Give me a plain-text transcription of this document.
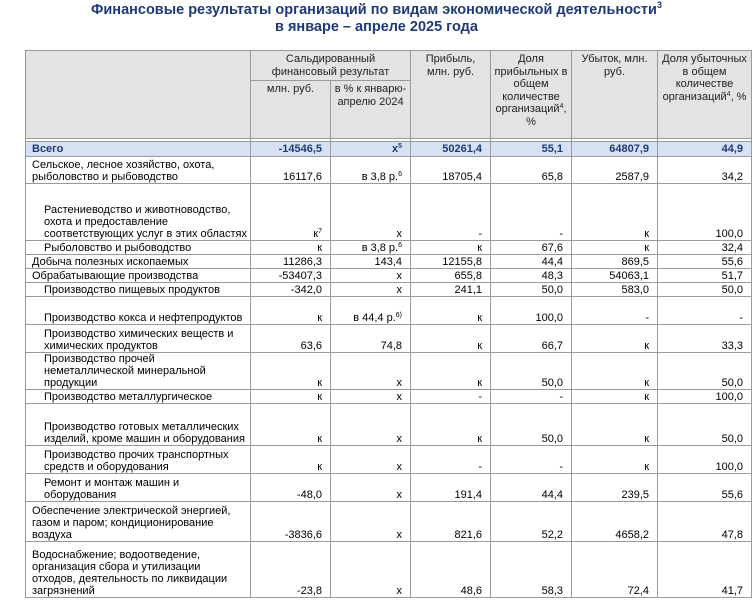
Финансовые результаты организаций по видам экономической деятельности$^3$
в январе – апреле 2025 года
	Сальдированный финансовый результат		Прибыль, млн. руб.	Доля прибыльных в общем количестве организаций$^4$, %	Убыток, млн. руб.	Доля убыточных в общем количестве организаций$^4$, %
	млн. руб.	в % к январю-апрелю 2024				

Всего	-14546,5	$х^5$	50261,4	55,1	64807,9	44,9
Сельское, лесное хозяйство, охота, рыболовство и рыбоводство	16117,6	в 3,8 р.$^6$	18705,4	65,8	2587,9	34,2
Растениеводство и животноводство, охота и предоставление соответствующих услуг в этих областях	$к^7$	х	-	-	к	100,0
Рыболовство и рыбоводство	к	в 3,8 р.$^6$	к	67,6	к	32,4
Добыча полезных ископаемых	11286,3	143,4	12155,8	44,4	869,5	55,6
Обрабатывающие производства	-53407,3	х	655,8	48,3	54063,1	51,7
Производство пищевых продуктов	-342,0	х	241,1	50,0	583,0	50,0
Производство кокса и нефтепродуктов	к	в 44,4 р.$^{6)}$	к	100,0	-	-
Производство химических веществ и химических продуктов	63,6	74,8	к	66,7	к	33,3
Производство прочей неметаллической минеральной продукции	к	х	к	50,0	к	50,0
Производство металлургическое	к	х	-	-	к	100,0
Производство готовых металлических изделий, кроме машин и оборудования	к	х	к	50,0	к	50,0
Производство прочих транспортных средств и оборудования	к	х	-	-	к	100,0
Ремонт и монтаж машин и оборудования	-48,0	х	191,4	44,4	239,5	55,6
Обеспечение электрической энергией, газом и паром; кондиционирование воздуха	-3836,6	х	821,6	52,2	4658,2	47,8
Водоснабжение; водоотведение, организация сбора и утилизации отходов, деятельность по ликвидации загрязнений	-23,8	х	48,6	58,3	72,4	41,7
